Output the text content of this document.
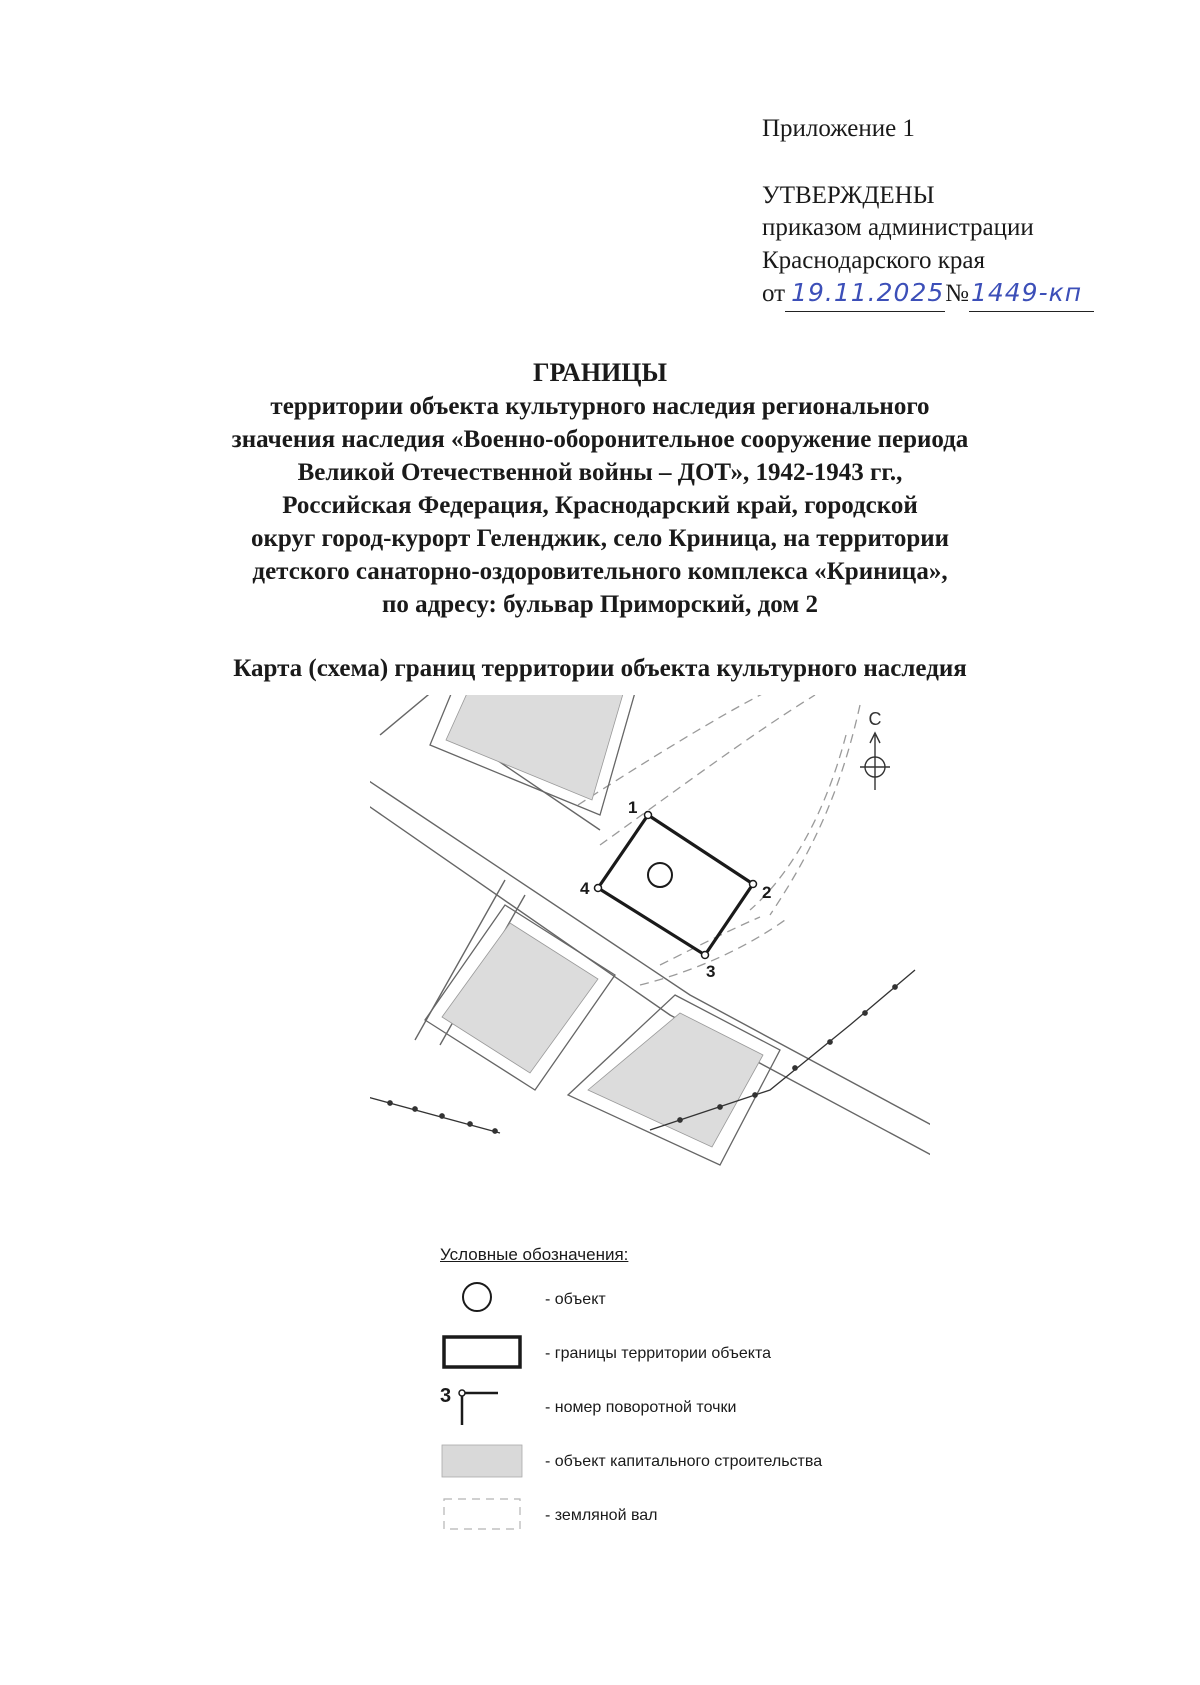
Приложение 1
УТВЕРЖДЕНЫ
приказом администрации
Краснодарского края
от 19.11.2025№1449-кп
ГРАНИЦЫ
территории объекта культурного наследия регионального
значения наследия «Военно-оборонительное сооружение периода
Великой Отечественной войны – ДОТ», 1942-1943 гг.,
Российская Федерация, Краснодарский край, городской
округ город-курорт Геленджик, село Криница, на территории
детского санаторно-оздоровительного комплекса «Криница»,
по адресу: бульвар Приморский, дом 2
Карта (схема) границ территории объекта культурного наследия
С
1
2
3
4
Условные обозначения:
- объект
- границы территории объекта
3
- номер поворотной точки
- объект капитального строительства
- земляной вал
